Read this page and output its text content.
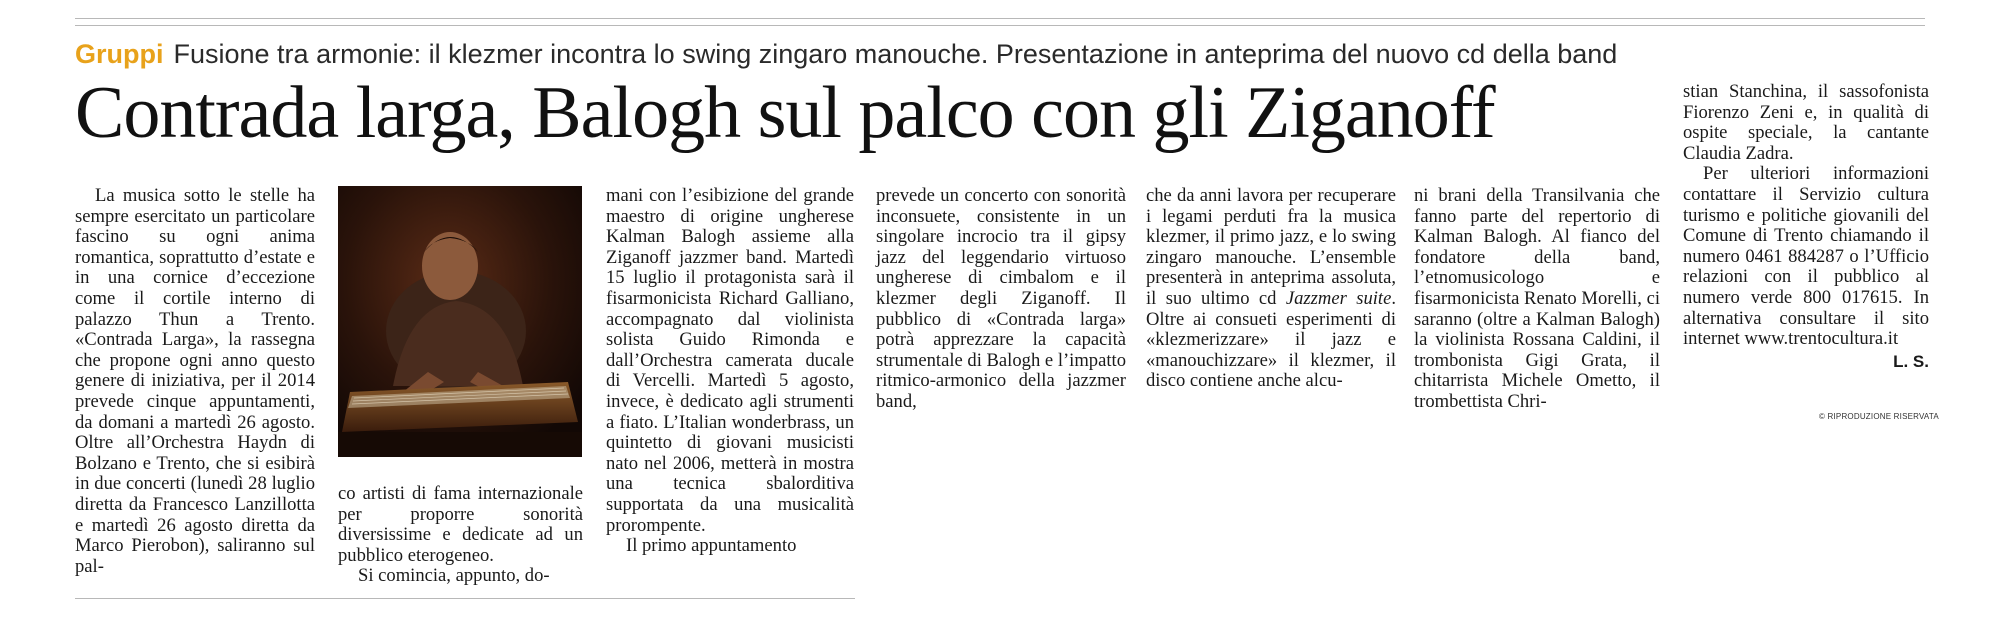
Gruppi Fusione tra armonie: il klezmer incontra lo swing zingaro manouche. Presentazione in anteprima del nuovo cd della band
Contrada larga, Balogh sul palco con gli Ziganoff

La musica sotto le stelle ha sempre esercitato un particolare fascino su ogni anima romantica, soprattutto d’estate e in una cornice d’eccezione come il cortile interno di palazzo Thun a Trento. «Contrada Larga», la rassegna che propone ogni anno questo genere di iniziativa, per il 2014 prevede cinque appuntamenti, da domani a martedì 26 agosto. Oltre all’Orchestra Haydn di Bolzano e Trento, che si esibirà in due concerti (lunedì 28 luglio diretta da Francesco Lanzillotta e martedì 26 agosto diretta da Marco Pierobon), saliranno sul pal-

co artisti di fama internazionale per proporre sonorità diversissime e dedicate ad un pubblico eterogeneo.

Si comincia, appunto, do-

mani con l’esibizione del grande maestro di origine ungherese Kalman Balogh assieme alla Ziganoff jazzmer band. Martedì 15 luglio il protagonista sarà il fisarmonicista Richard Galliano, accompagnato dal violinista solista Guido Rimonda e dall’Orchestra camerata ducale di Vercelli. Martedì 5 agosto, invece, è dedicato agli strumenti a fiato. L’Italian wonderbrass, un quintetto di giovani musicisti nato nel 2006, metterà in mostra una tecnica sbalorditiva supportata da una musicalità prorompente.

Il primo appuntamento

prevede un concerto con sonorità inconsuete, consistente in un singolare incrocio tra il gipsy jazz del leggendario virtuoso ungherese di cimbalom e il klezmer degli Ziganoff. Il pubblico di «Contrada larga» potrà apprezzare la capacità strumentale di Balogh e l’impatto ritmico-armonico della jazzmer band,

che da anni lavora per recuperare i legami perduti fra la musica klezmer, il primo jazz, e lo swing zingaro manouche. L’ensemble presenterà in anteprima assoluta, il suo ultimo cd Jazzmer suite. Oltre ai consueti esperimenti di «klezmerizzare» il jazz e «manouchizzare» il klezmer, il disco contiene anche alcu-

ni brani della Transilvania che fanno parte del repertorio di Kalman Balogh. Al fianco del fondatore della band, l’etnomusicologo e fisarmonicista Renato Morelli, ci saranno (oltre a Kalman Balogh) la violinista Rossana Caldini, il trombonista Gigi Grata, il chitarrista Michele Ometto, il trombettista Chri-

stian Stanchina, il sassofonista Fiorenzo Zeni e, in qualità di ospite speciale, la cantante Claudia Zadra.

Per ulteriori informazioni contattare il Servizio cultura turismo e politiche giovanili del Comune di Trento chiamando il numero 0461 884287 o l’Ufficio relazioni con il pubblico al numero verde 800 017615. In alternativa consultare il sito internet www.trentocultura.it

L. S.
© RIPRODUZIONE RISERVATA
